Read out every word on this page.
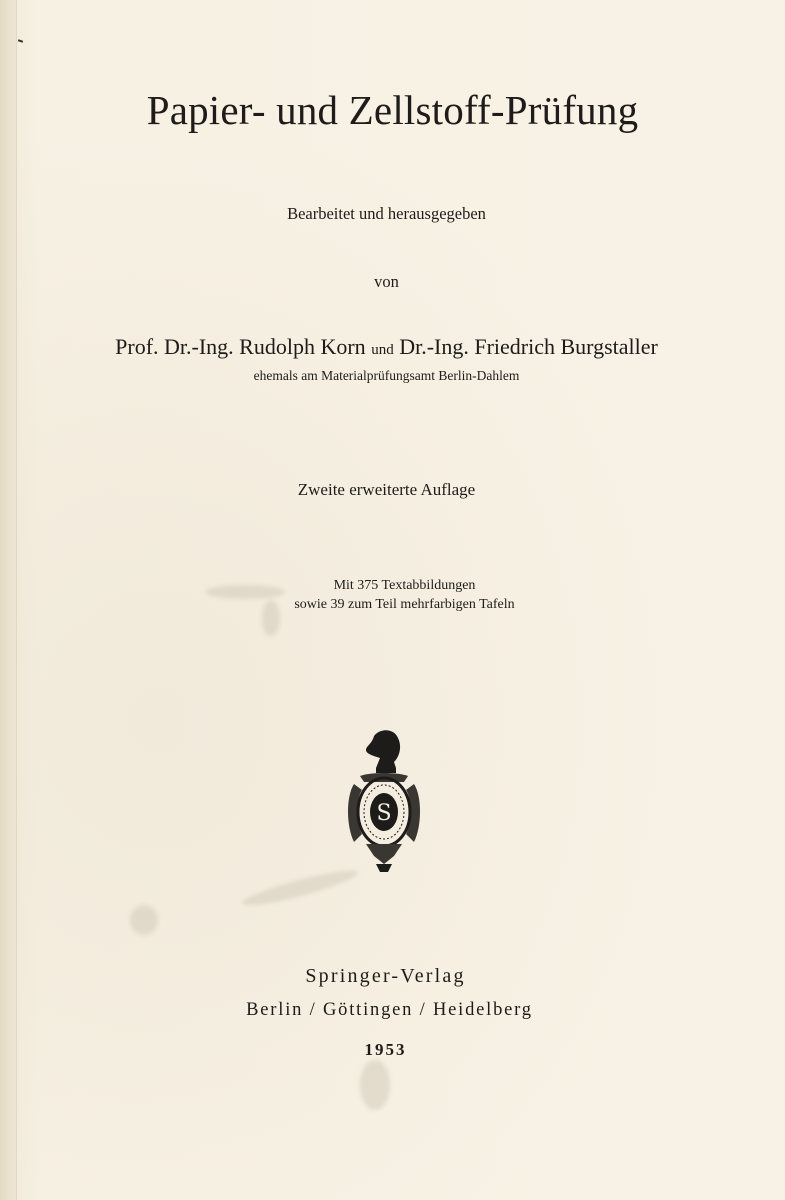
Papier- und Zellstoff-Prüfung
Bearbeitet und herausgegeben
von
Prof. Dr.-Ing. Rudolph Korn und Dr.-Ing. Friedrich Burgstaller
ehemals am Materialprüfungsamt Berlin-Dahlem
Zweite erweiterte Auflage
Mit 375 Textabbildungen
sowie 39 zum Teil mehrfarbigen Tafeln
S
Springer-Verlag
Berlin / Göttingen / Heidelberg
1953
